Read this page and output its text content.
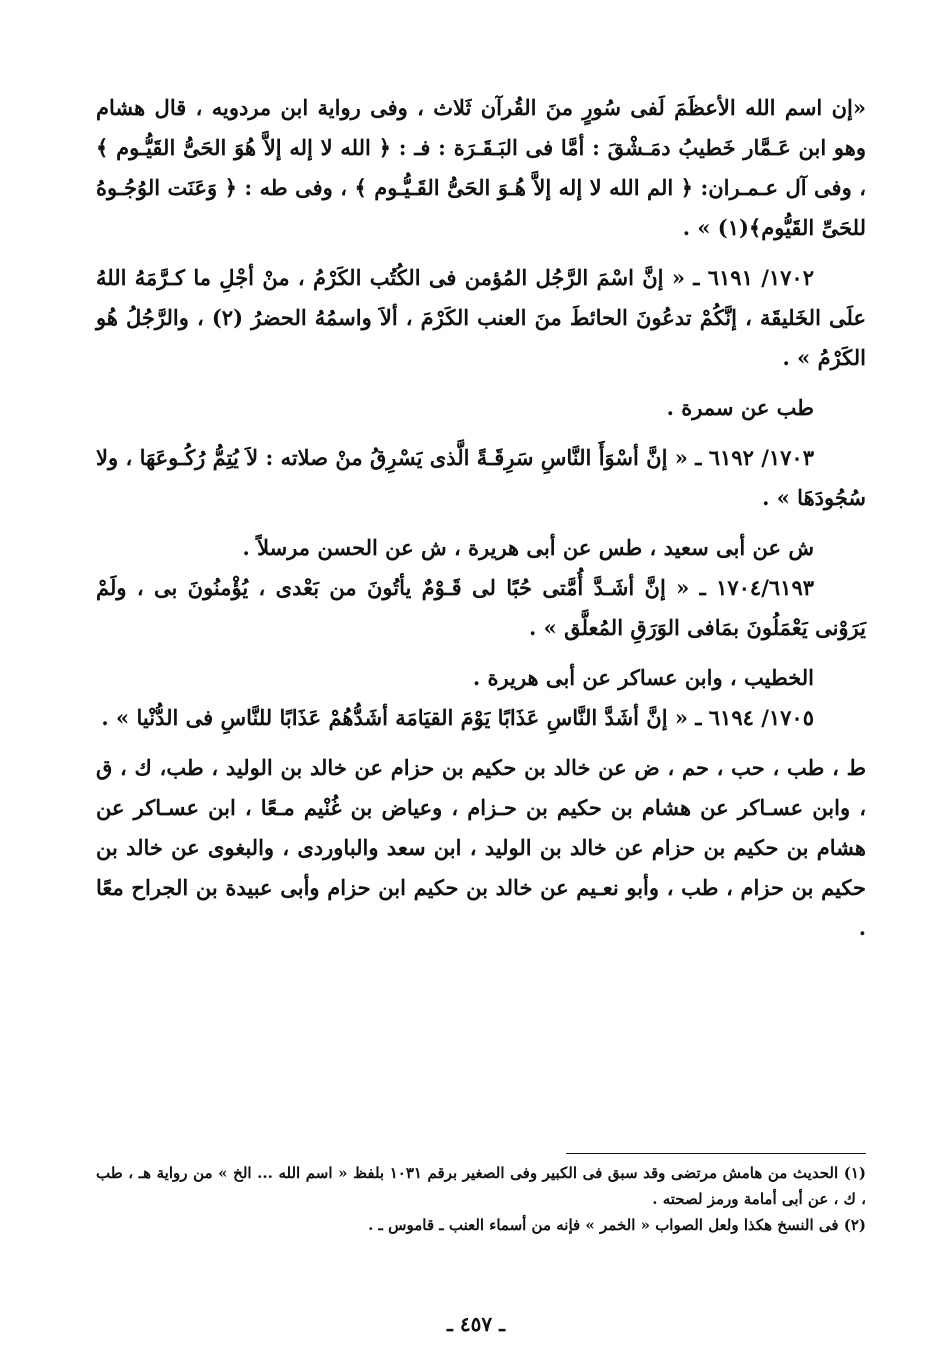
«إن اسم الله الأعظَمَ لَفى سُورٍ منَ القُرآن ثَلاث ، وفى رواية ابن مردويه ، قال هشام وهو ابن عَـمَّار خَطيبُ دمَـشْقَ : أمَّا فى البَـقَـرَة : فـ : ﴿ الله لا إله إلاَّ هُوَ الحَىُّ القَيُّـوم ﴾ ، وفى آل عـمـران: ﴿ الم الله لا إله إلاَّ هُـوَ الحَىُّ القَـيُّـوم ﴾ ، وفى طه : ﴿ وَعَنَت الوُجُـوهُ للحَىِّ القَيُّوم﴾(١) » .

١٧٠٢/ ٦١٩١ ـ « إنَّ اسْمَ الرَّجُل المُؤمن فى الكُتُب الكَرْمُ ، منْ أجْلِ ما كـرَّمَهُ اللهُ علَى الخَليقَة ، إنَّكُمْ تدعُونَ الحائطَ منَ العنب الكَرْمَ ، ألاَ واسمُهُ الحضرُ (٢) ، والرَّجُلُ هُو الكَرْمُ » .

طب عن سمرة .

١٧٠٣/ ٦١٩٢ ـ « إنَّ أسْوَأَ النَّاسِ سَرِقَـةً الَّذى يَسْرِقُ منْ صلاته : لاَ يُتِمُّ رُكُـوعَهَا ، ولا سُجُودَهَا » .

ش عن أبى سعيد ، طس عن أبى هريرة ، ش عن الحسن مرسلاً .

١٧٠٤/٦١٩٣ ـ « إنَّ أشَـدَّ أُمَّتى حُبًا لى قَـوْمٌ يأتُونَ من بَعْدى ، يُؤْمنُونَ بى ، ولَمْ يَرَوْنى يَعْمَلُونَ بمَافى الوَرَقِ المُعلَّق » .

الخطيب ، وابن عساكر عن أبى هريرة .

١٧٠٥/ ٦١٩٤ ـ « إنَّ أشَدَّ النَّاسِ عَذَابًا يَوْمَ القيَامَة أشَدُّهُمْ عَذَابًا للنَّاسِ فى الدُّنْيا » .

ط ، طب ، حب ، حم ، ض عن خالد بن حكيم بن حزام عن خالد بن الوليد ، طب، ك ، ق ، وابن عسـاكر عن هشام بن حكيم بن حـزام ، وعياض بن غُنْيم مـعًا ، ابن عسـاكر عن هشام بن حكيم بن حزام عن خالد بن الوليد ، ابن سعد والباوردى ، والبغوى عن خالد بن حكيم بن حزام ، طب ، وأبو نعـيم عن خالد بن حكيم ابن حزام وأبى عبيدة بن الجراح معًا .

(١) الحديث من هامش مرتضى وقد سبق فى الكبير وفى الصغير برقم ١٠٣١ بلفظ « اسم الله ... الخ » من رواية هـ ، طب ، ك ، عن أبى أمامة ورمز لصحته .

(٢) فى النسخ هكذا ولعل الصواب « الخمر » فإنه من أسماء العنب ـ قاموس ـ .

ـ ٤٥٧ ـ
